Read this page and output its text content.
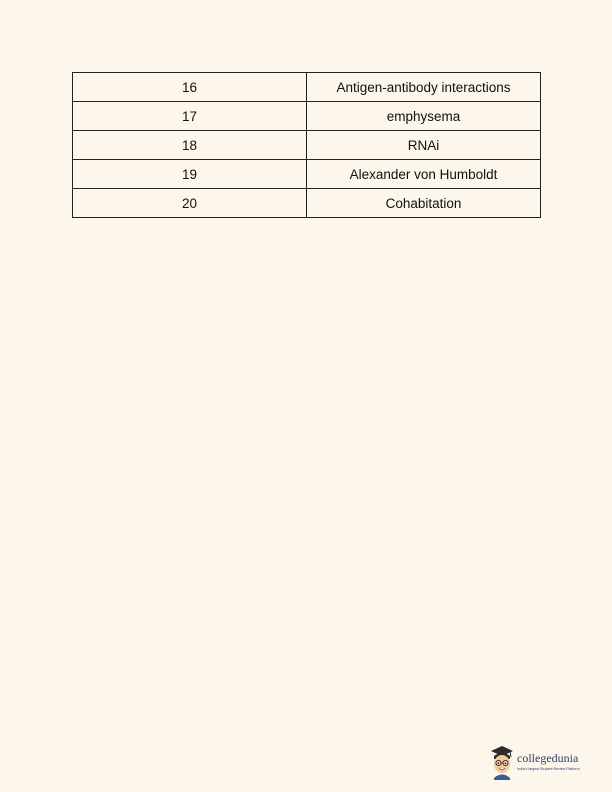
16	Antigen-antibody interactions
17	emphysema
18	RNAi
19	Alexander von Humboldt
20	Cohabitation
collegedunia
India's largest Student Review Platform
